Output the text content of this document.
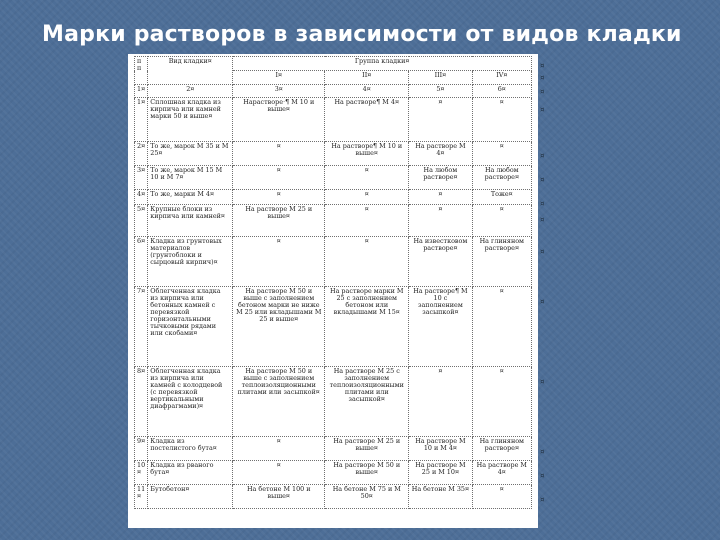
Марки растворов в зависимости от видов кладки
пп	Вид кладки¤	Группа кладки¤			
		I¤	II¤	III¤	IV¤
1¤	2¤	3¤	4¤	5¤	6¤
1¤	Сплошная кладка из кирпича или камней марки 50 и выше¤	Нараствореˑ¶ М 10 и выше¤	На растворе¶ М 4¤	¤	¤
2¤	То же, марок М 35 и М 25¤	¤	На растворе¶ М 10 и выше¤	На растворе М 4¤	¤
3¤	То же, марок М 15 М 10 и М 7¤	¤	¤	На любом растворе¤	На любом растворе¤
4¤	То же, марки М 4¤	¤	¤	¤	Тоже¤
5¤	Крупные блоки из кирпича или камней¤	На растворе М 25 и выше¤	¤	¤	¤
6¤	Кладка из грунтовых материалов (грунтоблоки и сырцовый кирпич)¤	¤	¤	На известковом растворе¤	На глиняном растворе¤
7¤	Облегченная кладка из кирпича или бетонных камней с перевязкой горизонтальными тычковыми рядами или скобами¤	На растворе М 50 и выше с заполнением бетоном марки не ниже М 25 или вкладышами М 25 и выше¤	На растворе марки М 25 с заполнением бетоном или вкладышами М 15¤	На растворе¶ М 10 с заполнением засыпкой¤	¤
8¤	Облегченная кладка из кирпича или камней с колодцевой (с перевязкой вертикальными диафрагмами)¤	На растворе М 50 и выше с заполнением теплоизоляционными плитами или засыпкой¤	На растворе М 25 с заполнением теплоизоляционными плитами или засыпкой¤	¤	¤
9¤	Кладка из постелистого бута¤	¤	На растворе М 25 и выше¤	На растворе М 10 и М 4¤	На глиняном растворе¤
10¤	Кладка из рваного бута¤	¤	На растворе М 50 и выше¤	На растворе М 25 и М 10¤	На растворе М 4¤
11¤	Бутобетон¤	На бетоне М 100 и выше¤	На бетоне М 75 и М 50¤	На бетоне М 35¤	¤
¤
¤
¤
¤
¤
¤
¤
¤
¤
¤
¤
¤
¤
¤
